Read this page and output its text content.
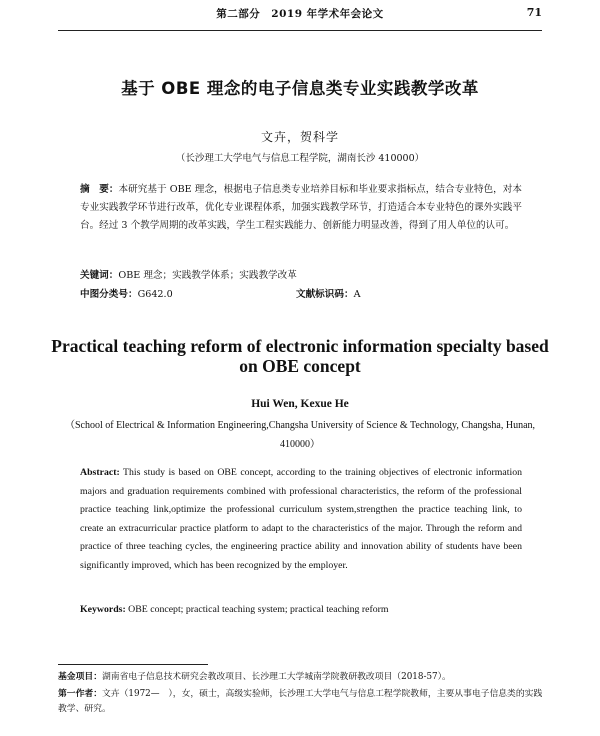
第二部分　2019 年学术年会论文	71
基于 OBE 理念的电子信息类专业实践教学改革
文卉，贺科学
（长沙理工大学电气与信息工程学院，湖南长沙 410000）
摘　要：本研究基于 OBE 理念，根据电子信息类专业培养目标和毕业要求指标点，结合专业特色，对本专业实践教学环节进行改革，优化专业课程体系，加强实践教学环节，打造适合本专业特色的课外实践平台。经过 3 个教学周期的改革实践，学生工程实践能力、创新能力明显改善，得到了用人单位的认可。
关键词：OBE 理念；实践教学体系；实践教学改革
中图分类号：G642.0	文献标识码：A
Practical teaching reform of electronic information specialty based on OBE concept
Hui Wen, Kexue He
（School of Electrical & Information Engineering,Changsha University of Science & Technology, Changsha, Hunan, 410000）
Abstract: This study is based on OBE concept, according to the training objectives of electronic information majors and graduation requirements combined with professional characteristics, the reform of the professional practice teaching link,optimize the professional curriculum system,strengthen the practice teaching link, to create an extracurricular practice platform to adapt to the characteristics of the major. Through the reform and practice of three teaching cycles, the engineering practice ability and innovation ability of students have been significantly improved, which has been recognized by the employer.
Keywords: OBE concept; practical teaching system; practical teaching reform
基金项目：湖南省电子信息技术研究会教改项目、长沙理工大学城南学院教研教改项目（2018-57）。
第一作者：文卉（1972—　），女，硕士，高级实验师，长沙理工大学电气与信息工程学院教师，主要从事电子信息类的实践教学、研究。
